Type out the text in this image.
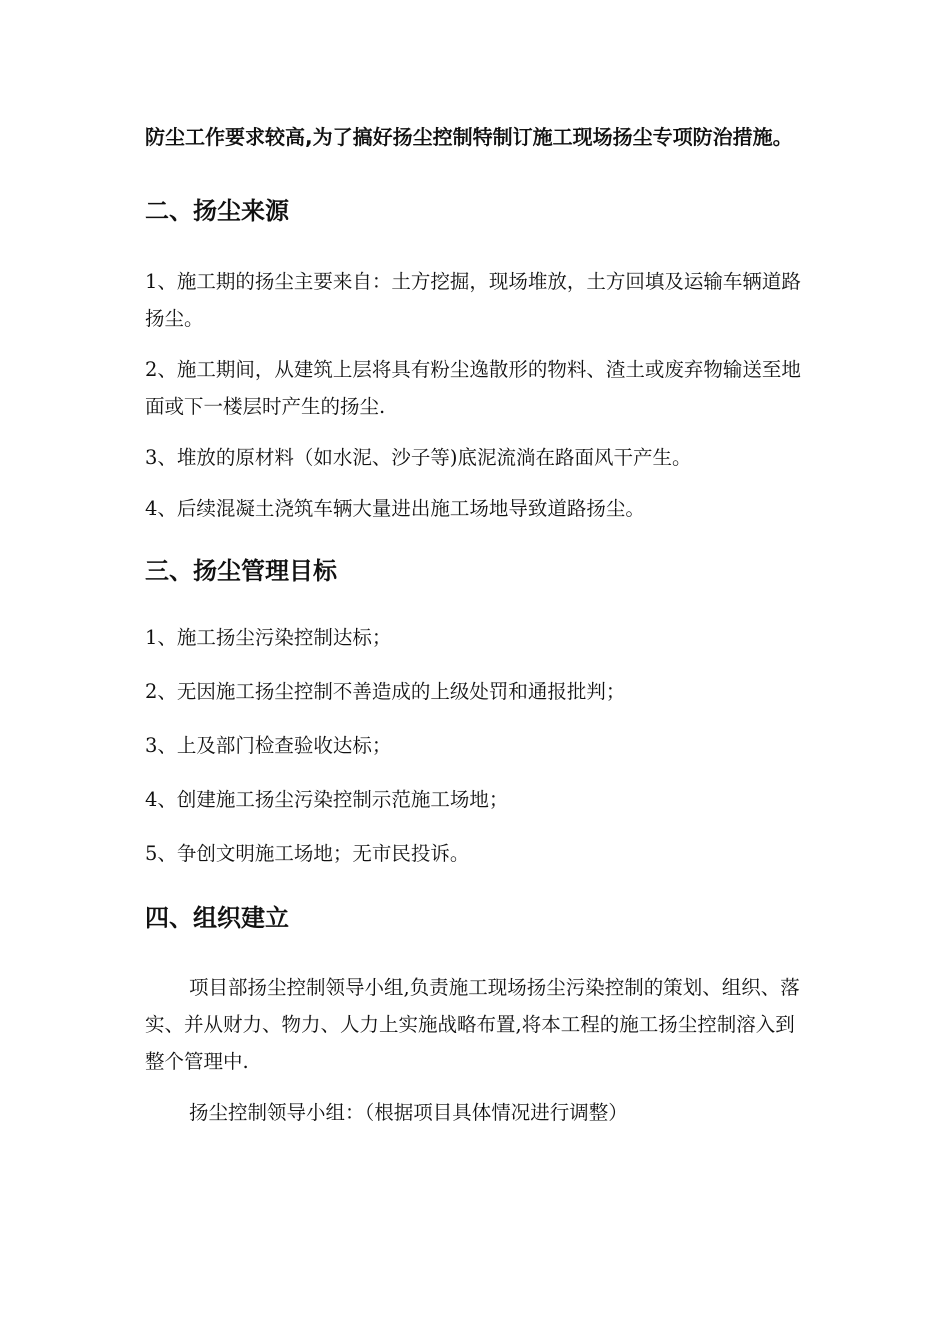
防尘工作要求较高,为了搞好扬尘控制特制订施工现场扬尘专项防治措施。

二、扬尘来源

1、施工期的扬尘主要来自：土方挖掘，现场堆放，土方回填及运输车辆道路扬尘。

2、施工期间，从建筑上层将具有粉尘逸散形的物料、渣土或废弃物输送至地面或下一楼层时产生的扬尘.

3、堆放的原材料（如水泥、沙子等)底泥流淌在路面风干产生。

4、后续混凝土浇筑车辆大量进出施工场地导致道路扬尘。

三、扬尘管理目标

1、施工扬尘污染控制达标；

2、无因施工扬尘控制不善造成的上级处罚和通报批判；

3、上及部门检查验收达标；

4、创建施工扬尘污染控制示范施工场地；

5、争创文明施工场地；无市民投诉。

四、组织建立

项目部扬尘控制领导小组,负责施工现场扬尘污染控制的策划、组织、落实、并从财力、物力、人力上实施战略布置,将本工程的施工扬尘控制溶入到整个管理中.

扬尘控制领导小组：（根据项目具体情况进行调整）
